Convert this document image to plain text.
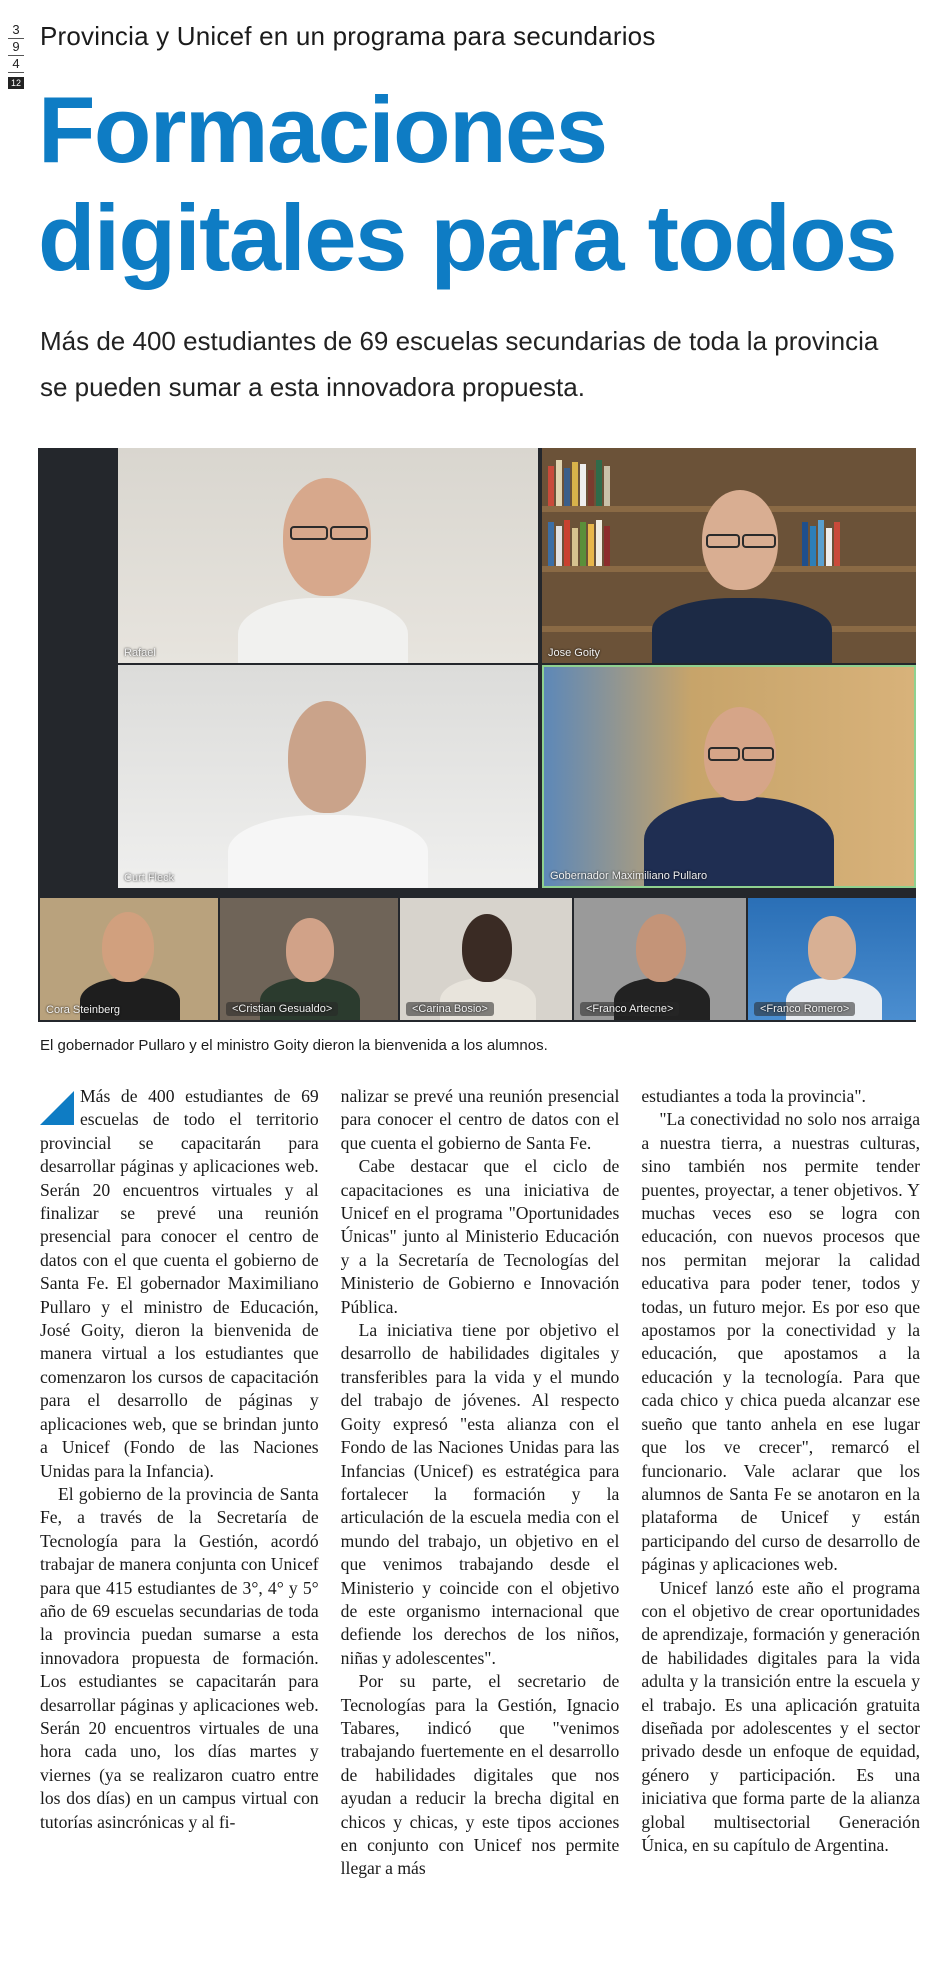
3
9
4
12
Provincia y Unicef en un programa para secundarios
Formaciones
digitales para todos
Más de 400 estudiantes de 69 escuelas secundarias de toda la provincia se pueden sumar a esta innovadora propuesta.
Rafael	Jose Goity
Curt Fleck	Gobernador Maximiliano Pullaro
Cora Steinberg	<Cristian Gesualdo>	<Carina Bosio>	<Franco Artecne>	<Franco Romero>
El gobernador Pullaro y el ministro Goity dieron la bienvenida a los alumnos.

Más de 400 estudiantes de 69 escuelas de todo el territorio provincial se capacitarán para desarrollar páginas y aplicaciones web. Serán 20 encuentros virtuales y al finalizar se prevé una reunión presencial para conocer el centro de datos con el que cuenta el gobierno de Santa Fe. El gobernador Maximiliano Pullaro y el ministro de Educación, José Goity, dieron la bienvenida de manera virtual a los estudiantes que comenzaron los cursos de capacitación para el desarrollo de páginas y aplicaciones web, que se brindan junto a Unicef (Fondo de las Naciones Unidas para la Infancia).

El gobierno de la provincia de Santa Fe, a través de la Secretaría de Tecnología para la Gestión, acordó trabajar de manera conjunta con Unicef para que 415 estudiantes de 3°, 4° y 5° año de 69 escuelas secundarias de toda la provincia puedan sumarse a esta innovadora propuesta de formación. Los estudiantes se capacitarán para desarrollar páginas y aplicaciones web. Serán 20 encuentros virtuales de una hora cada uno, los días martes y viernes (ya se realizaron cuatro entre los dos días) en un campus virtual con tutorías asincrónicas y al fi-

nalizar se prevé una reunión presencial para conocer el centro de datos con el que cuenta el gobierno de Santa Fe.

Cabe destacar que el ciclo de capacitaciones es una iniciativa de Unicef en el programa "Oportunidades Únicas" junto al Ministerio Educación y a la Secretaría de Tecnologías del Ministerio de Gobierno e Innovación Pública.

La iniciativa tiene por objetivo el desarrollo de habilidades digitales y transferibles para la vida y el mundo del trabajo de jóvenes. Al respecto Goity expresó "esta alianza con el Fondo de las Naciones Unidas para las Infancias (Unicef) es estratégica para fortalecer la formación y la articulación de la escuela media con el mundo del trabajo, un objetivo en el que venimos trabajando desde el Ministerio y coincide con el objetivo de este organismo internacional que defiende los derechos de los niños, niñas y adolescentes".

Por su parte, el secretario de Tecnologías para la Gestión, Ignacio Tabares, indicó que "venimos trabajando fuertemente en el desarrollo de habilidades digitales que nos ayudan a reducir la brecha digital en chicos y chicas, y este tipos acciones en conjunto con Unicef nos permite llegar a más

estudiantes a toda la provincia".

"La conectividad no solo nos arraiga a nuestra tierra, a nuestras culturas, sino también nos permite tender puentes, proyectar, a tener objetivos. Y muchas veces eso se logra con educación, con nuevos procesos que nos permitan mejorar la calidad educativa para poder tener, todos y todas, un futuro mejor. Es por eso que apostamos por la conectividad y la educación, que apostamos a la educación y la tecnología. Para que cada chico y chica pueda alcanzar ese sueño que tanto anhela en ese lugar que los ve crecer", remarcó el funcionario. Vale aclarar que los alumnos de Santa Fe se anotaron en la plataforma de Unicef y están participando del curso de desarrollo de páginas y aplicaciones web.

Unicef lanzó este año el programa con el objetivo de crear oportunidades de aprendizaje, formación y generación de habilidades digitales para la vida adulta y la transición entre la escuela y el trabajo. Es una aplicación gratuita diseñada por adolescentes y el sector privado desde un enfoque de equidad, género y participación. Es una iniciativa que forma parte de la alianza global multisectorial Generación Única, en su capítulo de Argentina.
